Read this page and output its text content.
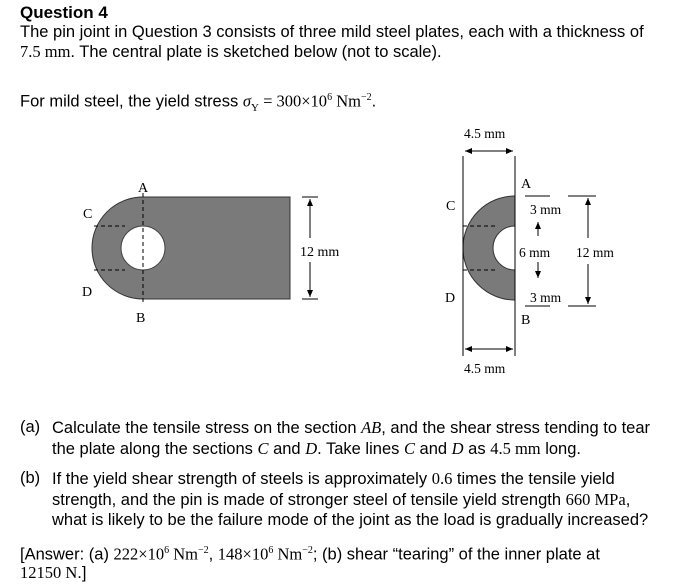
Question 4
The pin joint in Question 3 consists of three mild steel plates, each with a thickness of
7.5 mm. The central plate is sketched below (not to scale).
For mild steel, the yield stress $\sigma_Y = 300\times 10^6$ $Nm^{-2}$.
A
B
C
D
12 mm
4.5 mm
4.5 mm
A
B
C
D
3 mm
6 mm
3 mm
12 mm
(a) Calculate the tensile stress on the section AB, and the shear stress tending to tear
the plate along the sections C and D. Take lines C and D as 4.5 mm long.
(b) If the yield shear strength of steels is approximately 0.6 times the tensile yield
strength, and the pin is made of stronger steel of tensile yield strength 660 MPa,
what is likely to be the failure mode of the joint as the load is gradually increased?
[Answer: (a) $222\times 10^6$ $Nm^{-2}$, $148\times 10^6$ $Nm^{-2}$; (b) shear “tearing” of the inner plate at
12150 N.]
